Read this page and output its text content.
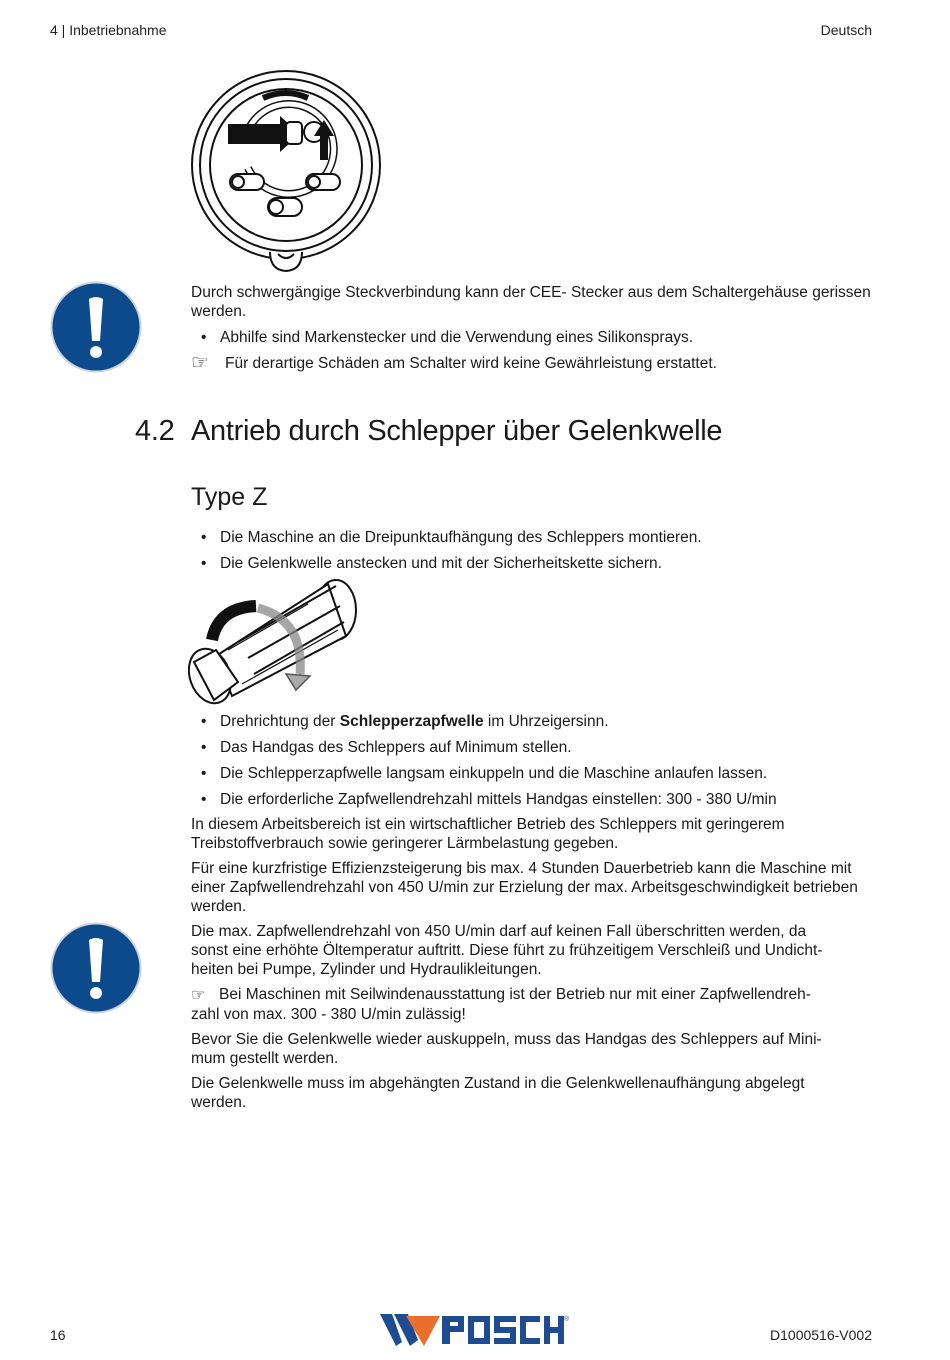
4 | Inbetriebnahme	Deutsch

Durch schwergängige Steckverbindung kann der CEE- Stecker aus dem Schaltergehäuse gerissen werden.

• Abhilfe sind Markenstecker und die Verwendung eines Silikonsprays.

☞ Für derartige Schäden am Schalter wird keine Gewährleistung erstattet.

4.2 Antrieb durch Schlepper über Gelenkwelle
Type Z

• Die Maschine an die Dreipunktaufhängung des Schleppers montieren.

• Die Gelenkwelle anstecken und mit der Sicherheitskette sichern.

• Drehrichtung der Schlepperzapfwelle im Uhrzeigersinn.

• Das Handgas des Schleppers auf Minimum stellen.

• Die Schlepperzapfwelle langsam einkuppeln und die Maschine anlaufen lassen.

• Die erforderliche Zapfwellendrehzahl mittels Handgas einstellen: 300 - 380 U/min

In diesem Arbeitsbereich ist ein wirtschaftlicher Betrieb des Schleppers mit geringerem Treibstoffverbrauch sowie geringerer Lärmbelastung gegeben.

Für eine kurzfristige Effizienzsteigerung bis max. 4 Stunden Dauerbetrieb kann die Maschine mit einer Zapfwellendrehzahl von 450 U/min zur Erzielung der max. Arbeitsgeschwindigkeit betrieben werden.

Die max. Zapfwellendrehzahl von 450 U/min darf auf keinen Fall überschritten werden, da
sonst eine erhöhte Öltemperatur auftritt. Diese führt zu frühzeitigem Verschleiß und Undicht-
heiten bei Pumpe, Zylinder und Hydraulikleitungen.

☞ Bei Maschinen mit Seilwindenausstattung ist der Betrieb nur mit einer Zapfwellendreh-
zahl von max. 300 - 380 U/min zulässig!

Bevor Sie die Gelenkwelle wieder auskuppeln, muss das Handgas des Schleppers auf Mini-
mum gestellt werden.

Die Gelenkwelle muss im abgehängten Zustand in die Gelenkwellenaufhängung abgelegt
werden.

16	D1000516-V002
®
POSCH
